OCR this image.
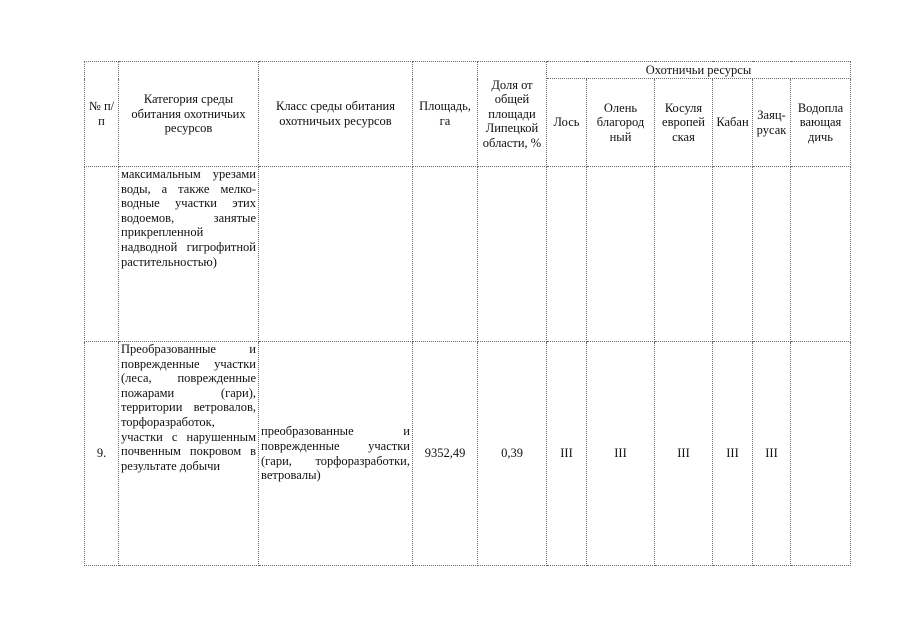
№ п/п	Категория среды обитания охотничьих ресурсов	Класс среды обитания охотничьих ресурсов	Площадь, га	Доля от общей площади Липецкой области, %	Охотничьи ресурсы					
					Лось	Олень благород ный	Косуля европей ская	Кабан	Заяц-русак	Водопла вающая дичь
	максимальным урезами воды, а также мелко-водные участки этих водоемов, занятые прикрепленной надводной гигрофитной растительностью)									
9.	Преобразованные и поврежденные участки (леса, поврежденные пожарами (гари), территории ветровалов, торфоразработок, участки с нарушенным почвенным покровом в результате добычи	преобразованные и поврежденные участки (гари, торфоразработки, ветровалы)	9352,49	0,39	III	III	III	III	III	
